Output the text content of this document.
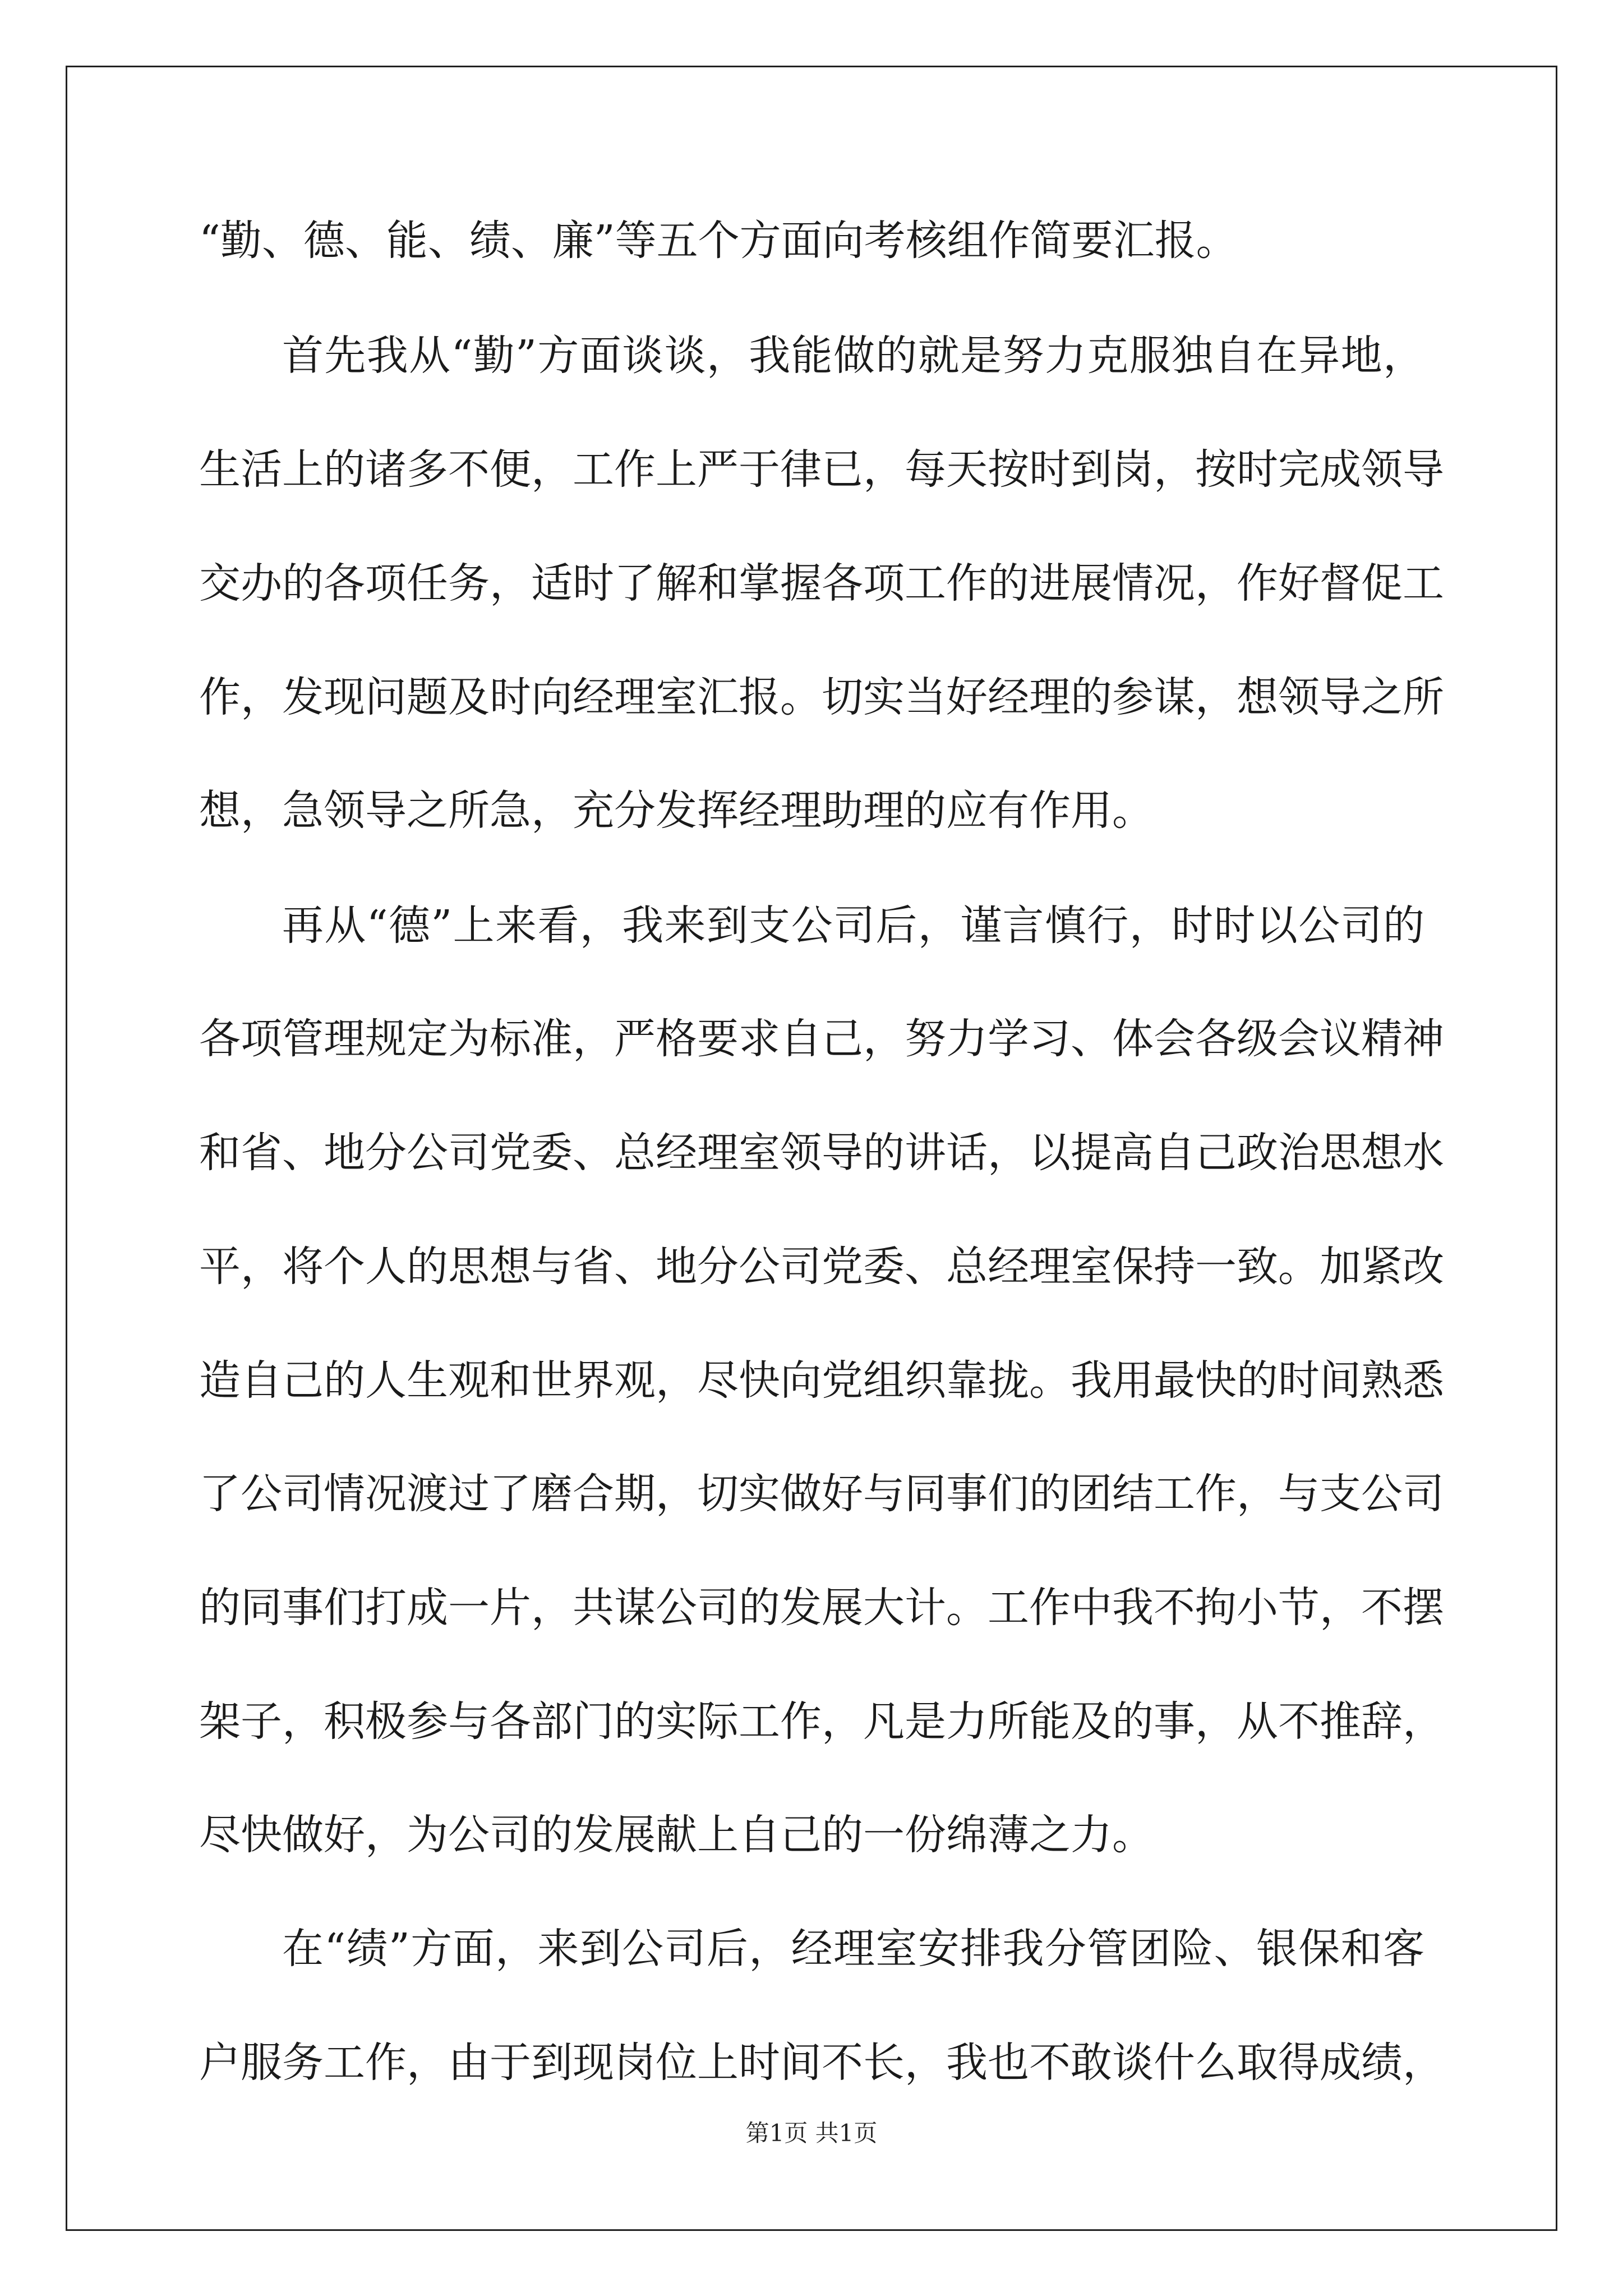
“勤、德、能、绩、廉”等五个方面向考核组作简要汇报。

首先我从“勤”方面谈谈，我能做的就是努力克服独自在异地，

生活上的诸多不便，工作上严于律已，每天按时到岗，按时完成领导

交办的各项任务，适时了解和掌握各项工作的进展情况，作好督促工

作，发现问题及时向经理室汇报。切实当好经理的参谋，想领导之所

想，急领导之所急，充分发挥经理助理的应有作用。

再从“德”上来看，我来到支公司后，谨言慎行，时时以公司的

各项管理规定为标准，严格要求自己，努力学习、体会各级会议精神

和省、地分公司党委、总经理室领导的讲话，以提高自己政治思想水

平，将个人的思想与省、地分公司党委、总经理室保持一致。加紧改

造自己的人生观和世界观，尽快向党组织靠拢。我用最快的时间熟悉

了公司情况渡过了磨合期，切实做好与同事们的团结工作，与支公司

的同事们打成一片，共谋公司的发展大计。工作中我不拘小节，不摆

架子，积极参与各部门的实际工作，凡是力所能及的事，从不推辞，

尽快做好，为公司的发展献上自己的一份绵薄之力。

在“绩”方面，来到公司后，经理室安排我分管团险、银保和客

户服务工作，由于到现岗位上时间不长，我也不敢谈什么取得成绩，

第1页 共1页
